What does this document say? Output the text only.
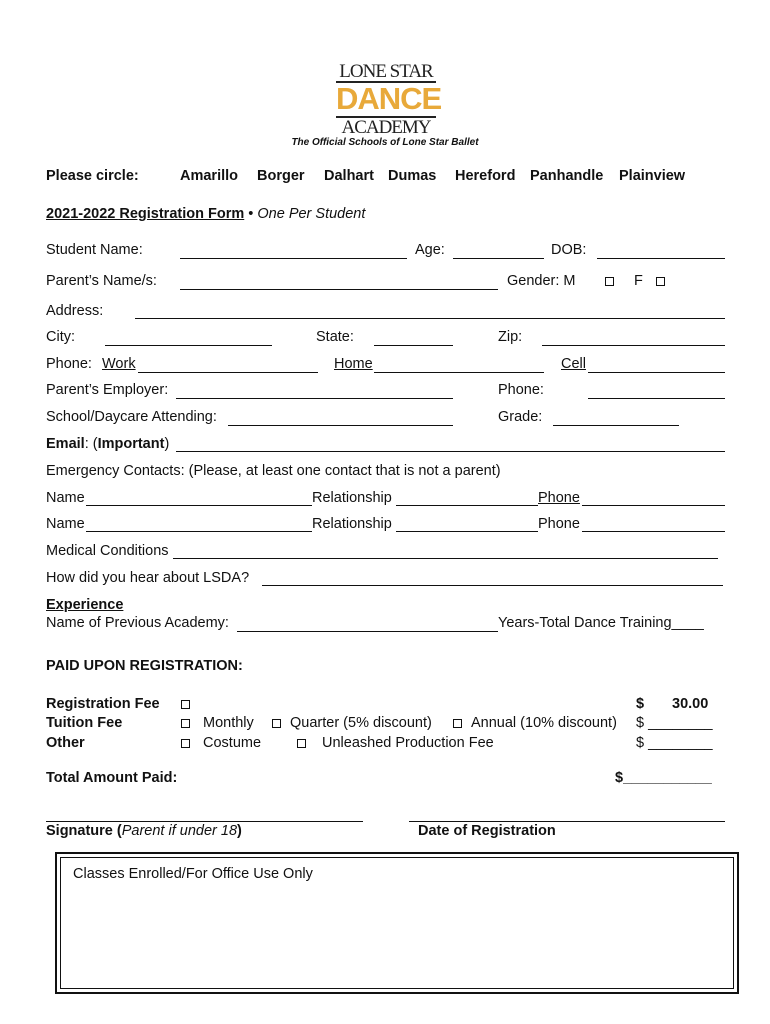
LONE STAR
DANCE
ACADEMY
The Official Schools of Lone Star Ballet
Please circle:	Amarillo Borger Dalhart Dumas Hereford Panhandle Plainview
2021-2022 Registration Form • One Per Student
Student Name:	Age:	DOB:
Parent’s Name/s:	Gender: M	F
Address:
City:	State:	Zip:
Phone: Work	Home	Cell
Parent’s Employer:	Phone:
School/Daycare Attending:	Grade:
Email: (Important)
Emergency Contacts: (Please, at least one contact that is not a parent)
Name	Relationship	Phone
Name	Relationship	Phone
Medical Conditions
How did you hear about LSDA?
Experience
Name of Previous Academy:	Years-Total Dance Training____
PAID UPON REGISTRATION:
Registration Fee	$ 30.00
Tuition Fee	Monthly Quarter (5% discount)	Annual (10% discount) $ ________
Other	Costume	Unleashed Production Fee	$ ________
Total Amount Paid:	$___________
Signature (Parent if under 18)	Date of Registration
Classes Enrolled/For Office Use Only
